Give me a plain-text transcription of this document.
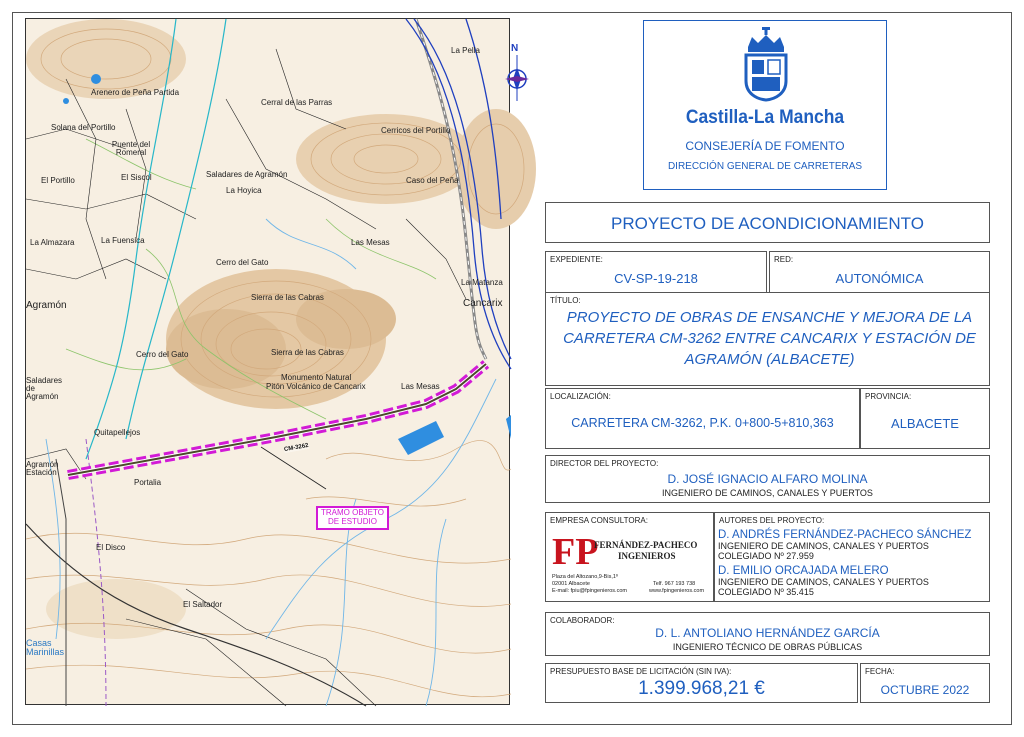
Arenero de Peña Partida
Solana del Portillo
Puente del Romeral
El Portillo	El Siscol
La Almazara	La Fuensica
Agramón
Saladares de Agramón
La Hoyica
Cerral de las Parras
Cerricos del Portillo
Caso del Peña
La Pella
Las Mesas
Cerro del Gato
Sierra de las Cabras
Cerro del Gato	Sierra de las Cabras
Monumento Natural
Pitón Volcánico de Cancarix	Las Mesas
La Matanza
Cancarix
Saladares de Agramón
Quitapellejos
Agramón Estación
Portalia
El Disco
El Saltador
Casas Marinillas
CM-3262
TRAMO OBJETO
DE ESTUDIO
N
Castilla-La Mancha
CONSEJERÍA DE FOMENTO
DIRECCIÓN GENERAL DE CARRETERAS
PROYECTO DE ACONDICIONAMIENTO
EXPEDIENTE:
CV-SP-19-218
RED:
AUTONÓMICA
TÍTULO:
PROYECTO DE OBRAS DE ENSANCHE Y MEJORA DE LA CARRETERA CM-3262 ENTRE CANCARIX Y ESTACIÓN DE AGRAMÓN (ALBACETE)
LOCALIZACIÓN:
CARRETERA CM-3262, P.K. 0+800-5+810,363
PROVINCIA:
ALBACETE
DIRECTOR DEL PROYECTO:
D. JOSÉ IGNACIO ALFARO MOLINA
INGENIERO DE CAMINOS, CANALES Y PUERTOS
EMPRESA CONSULTORA:
FP
FERNÁNDEZ-PACHECO
INGENIEROS
Plaza del Altozano,9-Bis,1º
02001 Albacete	Telf. 967 193 738
E-mail: fpiu@fpingenieros.com	www.fpingenieros.com
AUTORES DEL PROYECTO:
D. ANDRÉS FERNÁNDEZ-PACHECO SÁNCHEZ
INGENIERO DE CAMINOS, CANALES Y PUERTOS
COLEGIADO Nº 27.959
D. EMILIO ORCAJADA MELERO
INGENIERO DE CAMINOS, CANALES Y PUERTOS
COLEGIADO Nº 35.415
COLABORADOR:
D. L. ANTOLIANO HERNÁNDEZ GARCÍA
INGENIERO TÉCNICO DE OBRAS PÚBLICAS
PRESUPUESTO BASE DE LICITACIÓN (SIN IVA):
1.399.968,21 €
FECHA:
OCTUBRE 2022
